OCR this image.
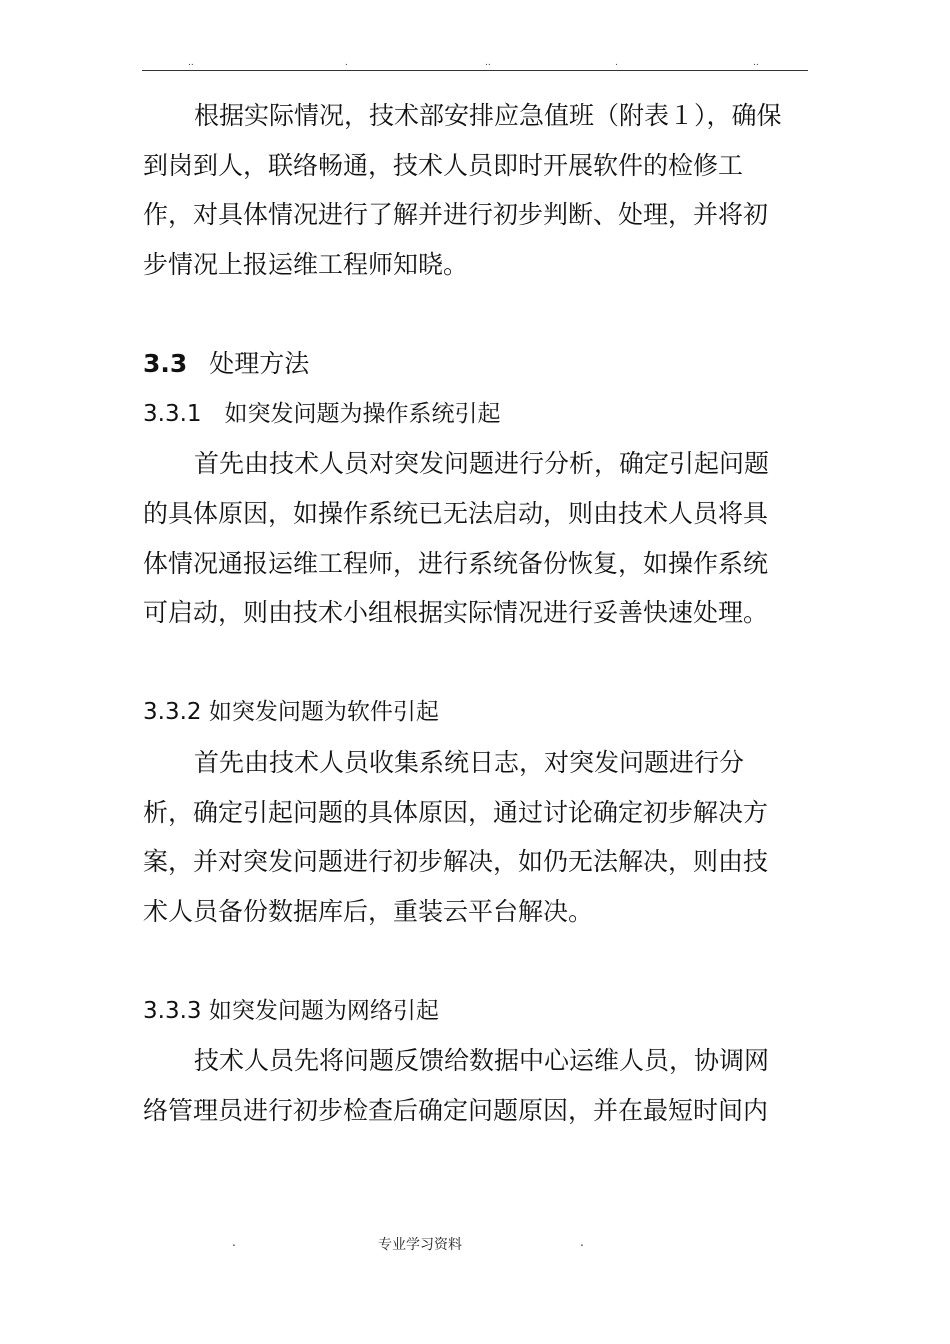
..	.	..	.	..
根据实际情况，技术部安排应急值班（附表１），确保
到岗到人，联络畅通，技术人员即时开展软件的检修工
作，对具体情况进行了解并进行初步判断、处理，并将初
步情况上报运维工程师知晓。
3.3 处理方法
3.3.1　如突发问题为操作系统引起
首先由技术人员对突发问题进行分析，确定引起问题
的具体原因，如操作系统已无法启动，则由技术人员将具
体情况通报运维工程师，进行系统备份恢复，如操作系统
可启动，则由技术小组根据实际情况进行妥善快速处理。
3.3.2 如突发问题为软件引起
首先由技术人员收集系统日志，对突发问题进行分
析，确定引起问题的具体原因，通过讨论确定初步解决方
案，并对突发问题进行初步解决，如仍无法解决，则由技
术人员备份数据库后，重装云平台解决。
3.3.3 如突发问题为网络引起
技术人员先将问题反馈给数据中心运维人员，协调网
络管理员进行初步检查后确定问题原因，并在最短时间内
.	专业学习资料	.
